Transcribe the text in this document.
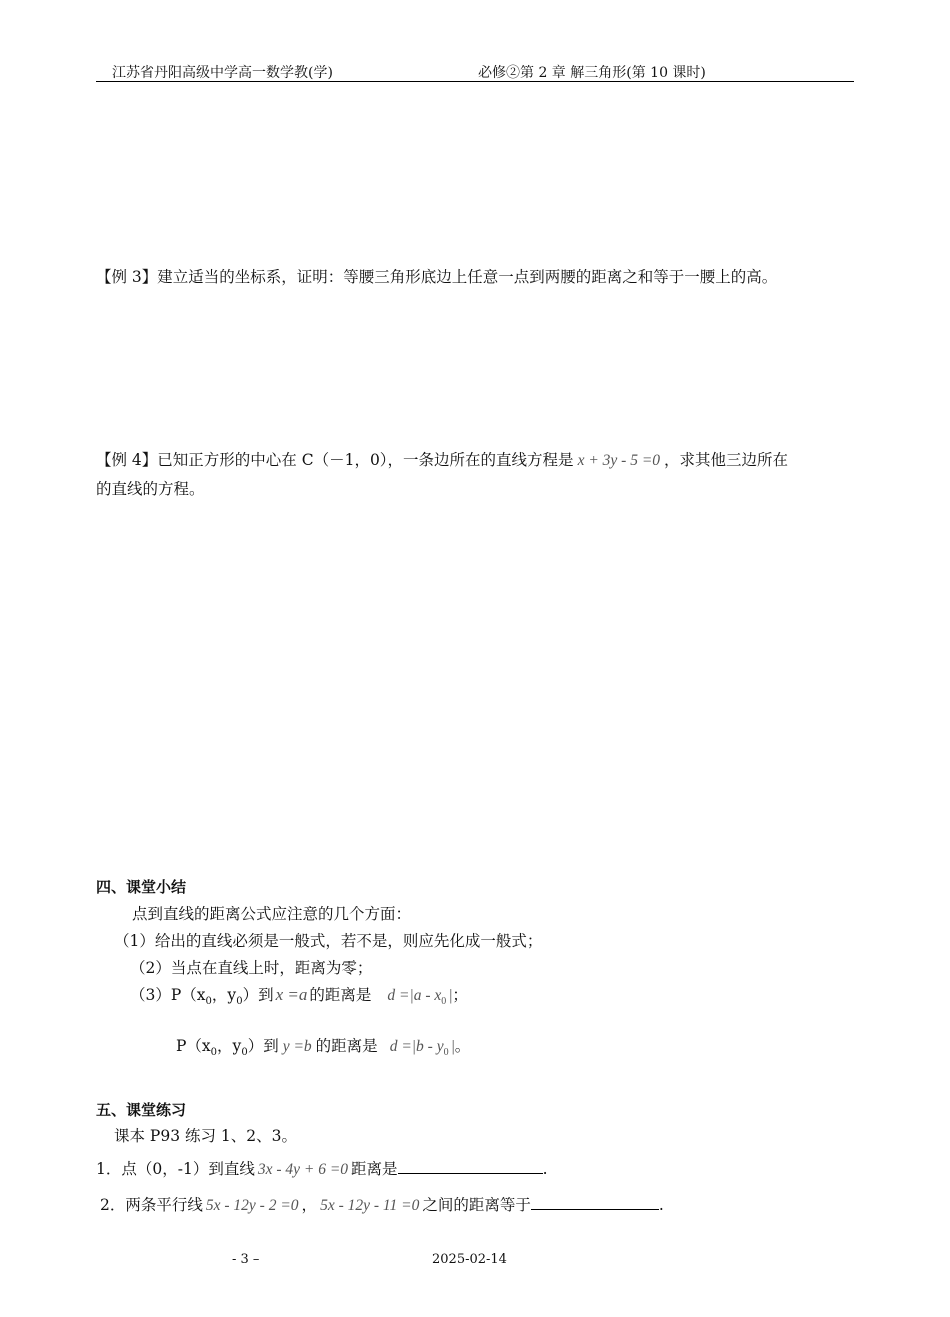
江苏省丹阳高级中学高一数学教(学)	必修②第 2 章 解三角形(第 10 课时)
【例 3】建立适当的坐标系，证明：等腰三角形底边上任意一点到两腰的距离之和等于一腰上的高。
【例 4】已知正方形的中心在 C（－1，0），一条边所在的直线方程是 x + 3y - 5 =0 ，求其他三边所在
的直线的方程。
四、课堂小结
点到直线的距离公式应注意的几个方面：
（1）给出的直线必须是一般式，若不是，则应先化成一般式；
（2）当点在直线上时，距离为零；
$(3)P(x_0$，$y_0$）到 x =a 的距离是 $d =|a - x_0$ |；
$P(x_0$，$y_0$）到 y =b 的距离是 $d =|b - y_0$ |。
五、课堂练习
课本 P93 练习 1、2、3。
1．点（0，-1）到直线 3x - 4y + 6 =0 距离是	.
2．两条平行线 5x - 12y - 2 =0 ， 5x - 12y - 11 =0 之间的距离等于	.
- 3 –	2025-02-14
